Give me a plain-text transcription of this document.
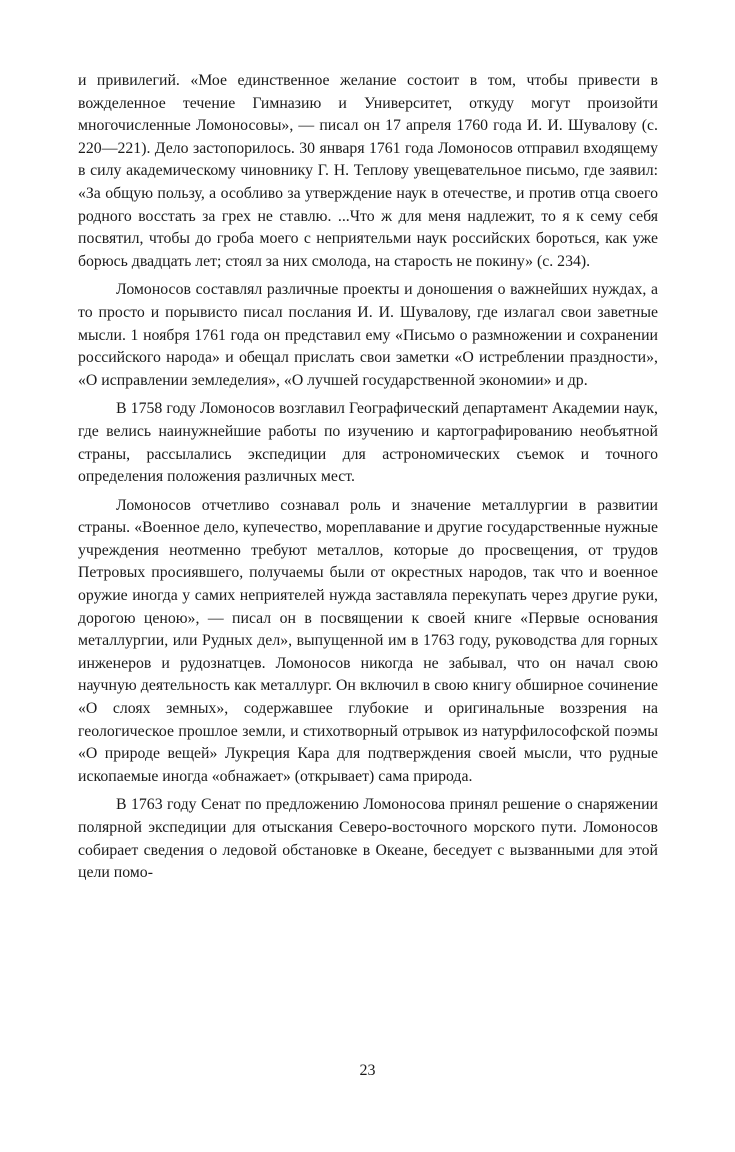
и привилегий. «Мое единственное желание состоит в том, чтобы привести в вожделенное течение Гимназию и Университет, откуду могут произойти многочисленные Ломоносовы», — писал он 17 апреля 1760 года И. И. Шувалову (с. 220—221). Дело застопорилось. 30 января 1761 года Ломоносов отправил входящему в силу академическому чиновнику Г. Н. Теплову увещевательное письмо, где заявил: «За общую пользу, а особливо за утверждение наук в отечестве, и против отца своего родного восстать за грех не ставлю. ...Что ж для меня надлежит, то я к сему себя посвятил, чтобы до гроба моего с неприятельми наук российских бороться, как уже борюсь двадцать лет; стоял за них смолода, на старость не покину» (с. 234).

Ломоносов составлял различные проекты и доношения о важнейших нуждах, а то просто и порывисто писал послания И. И. Шувалову, где излагал свои заветные мысли. 1 ноября 1761 года он представил ему «Письмо о размножении и сохранении российского народа» и обещал прислать свои заметки «О истреблении праздности», «О исправлении земледелия», «О лучшей государственной экономии» и др.

В 1758 году Ломоносов возглавил Географический департамент Академии наук, где велись наинужнейшие работы по изучению и картографированию необъятной страны, рассылались экспедиции для астрономических съемок и точного определения положения различных мест.

Ломоносов отчетливо сознавал роль и значение металлургии в развитии страны. «Военное дело, купечество, мореплавание и другие государственные нужные учреждения неотменно требуют металлов, которые до просвещения, от трудов Петровых просиявшего, получаемы были от окрестных народов, так что и военное оружие иногда у самих неприятелей нужда заставляла перекупать через другие руки, дорогою ценою», — писал он в посвящении к своей книге «Первые основания металлургии, или Рудных дел», выпущенной им в 1763 году, руководства для горных инженеров и рудознатцев. Ломоносов никогда не забывал, что он начал свою научную деятельность как металлург. Он включил в свою книгу обширное сочинение «О слоях земных», содержавшее глубокие и оригинальные воззрения на геологическое прошлое земли, и стихотворный отрывок из натурфилософской поэмы «О природе вещей» Лукреция Кара для подтверждения своей мысли, что рудные ископаемые иногда «обнажает» (открывает) сама природа.

В 1763 году Сенат по предложению Ломоносова принял решение о снаряжении полярной экспедиции для отыскания Северо-восточного морского пути. Ломоносов собирает сведения о ледовой обстановке в Океане, беседует с вызванными для этой цели помо-

23
